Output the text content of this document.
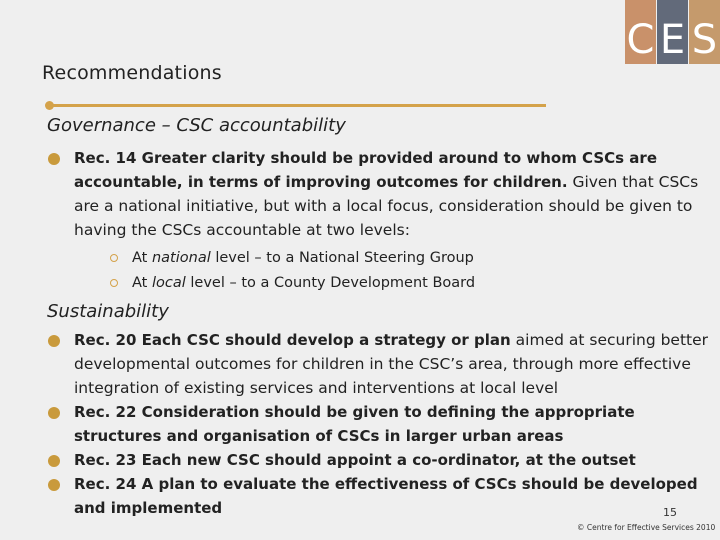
C E S
Recommendations
Governance – CSC accountability
Rec. 14 Greater clarity should be provided around to whom CSCs are accountable, in terms of improving outcomes for children. Given that CSCs are a national initiative, but with a local focus, consideration should be given to having the CSCs accountable at two levels:
At national level – to a National Steering Group
At local level – to a County Development Board
Sustainability
Rec. 20 Each CSC should develop a strategy or plan aimed at securing better developmental outcomes for children in the CSC’s area, through more effective integration of existing services and interventions at local level
Rec. 22 Consideration should be given to defining the appropriate structures and organisation of CSCs in larger urban areas
Rec. 23 Each new CSC should appoint a co-ordinator, at the outset
Rec. 24 A plan to evaluate the effectiveness of CSCs should be developed and implemented	15
© Centre for Effective Services 2010
